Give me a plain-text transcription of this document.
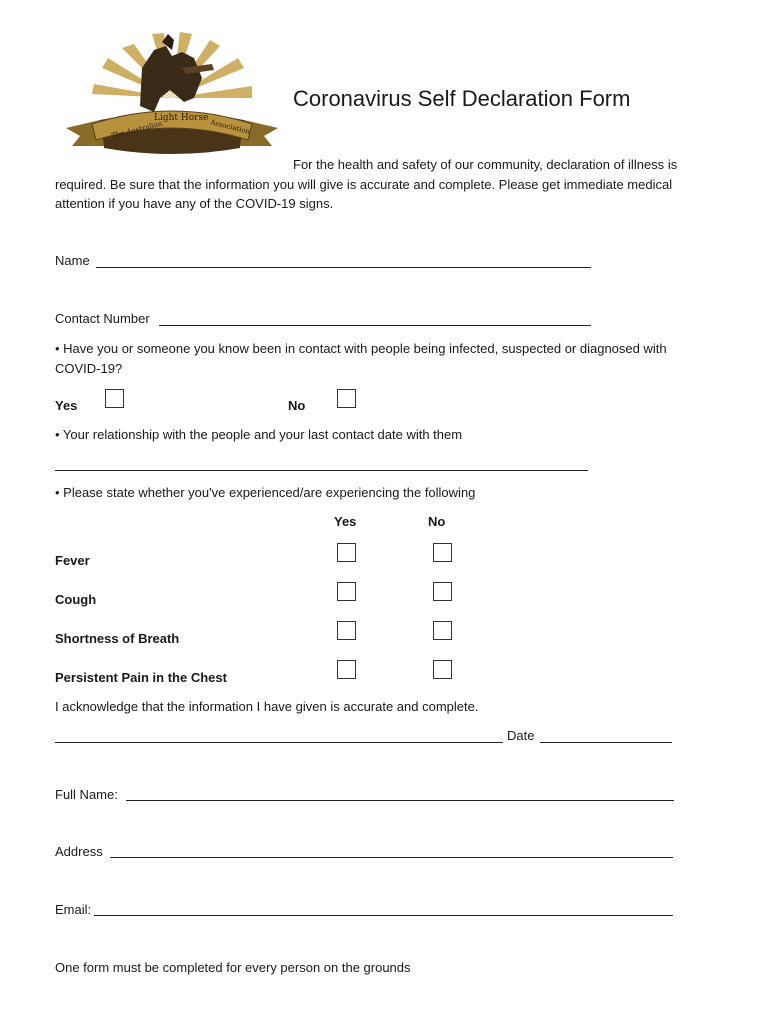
The Australian
Light Horse
Association
Coronavirus Self Declaration Form
For the health and safety of our community, declaration of illness is required. Be sure that the information you will give is accurate and complete. Please get immediate medical attention if you have any of the COVID-19 signs.
Name
Contact Number
• Have you or someone you know been in contact with people being infected, suspected or diagnosed with COVID-19?
Yes	No
• Your relationship with the people and your last contact date with them
• Please state whether you've experienced/are experiencing the following
Yes	No
Fever
Cough
Shortness of Breath
Persistent Pain in the Chest
I acknowledge that the information I have given is accurate and complete.
Date
Full Name:
Address
Email:
One form must be completed for every person on the grounds
